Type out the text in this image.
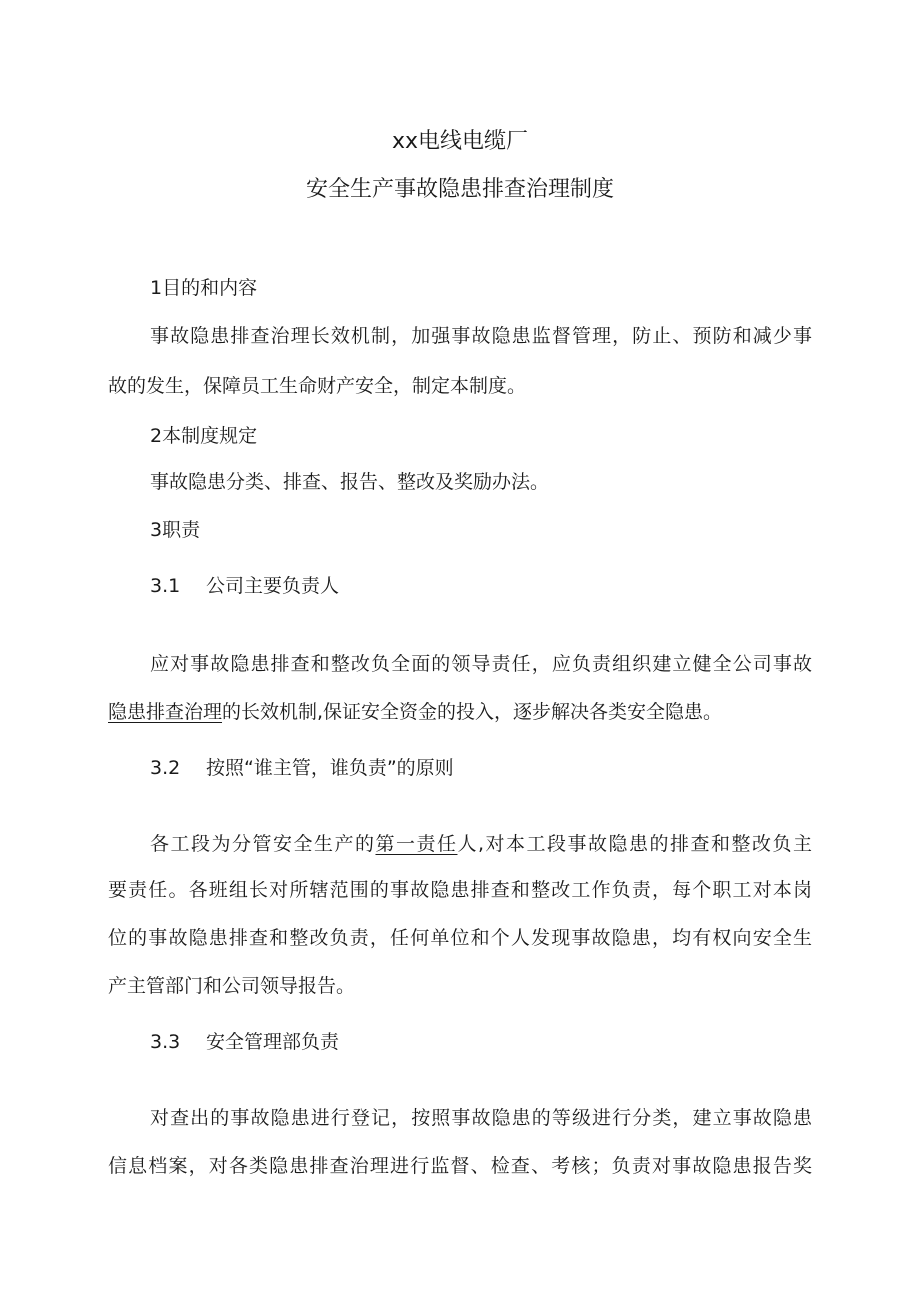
xx电线电缆厂

安全生产事故隐患排查治理制度

1目的和内容

事故隐患排查治理长效机制，加强事故隐患监督管理，防止、预防和减少事

故的发生，保障员工生命财产安全，制定本制度。

2本制度规定

事故隐患分类、排查、报告、整改及奖励办法。

3职责

3.1 公司主要负责人

应对事故隐患排查和整改负全面的领导责任，应负责组织建立健全公司事故

隐患排查治理的长效机制,保证安全资金的投入，逐步解决各类安全隐患。

3.2 按照“谁主管，谁负责”的原则

各工段为分管安全生产的第一责任人,对本工段事故隐患的排查和整改负主

要责任。各班组长对所辖范围的事故隐患排查和整改工作负责，每个职工对本岗

位的事故隐患排查和整改负责，任何单位和个人发现事故隐患，均有权向安全生

产主管部门和公司领导报告。

3.3 安全管理部负责

对查出的事故隐患进行登记，按照事故隐患的等级进行分类，建立事故隐患

信息档案，对各类隐患排查治理进行监督、检查、考核；负责对事故隐患报告奖
